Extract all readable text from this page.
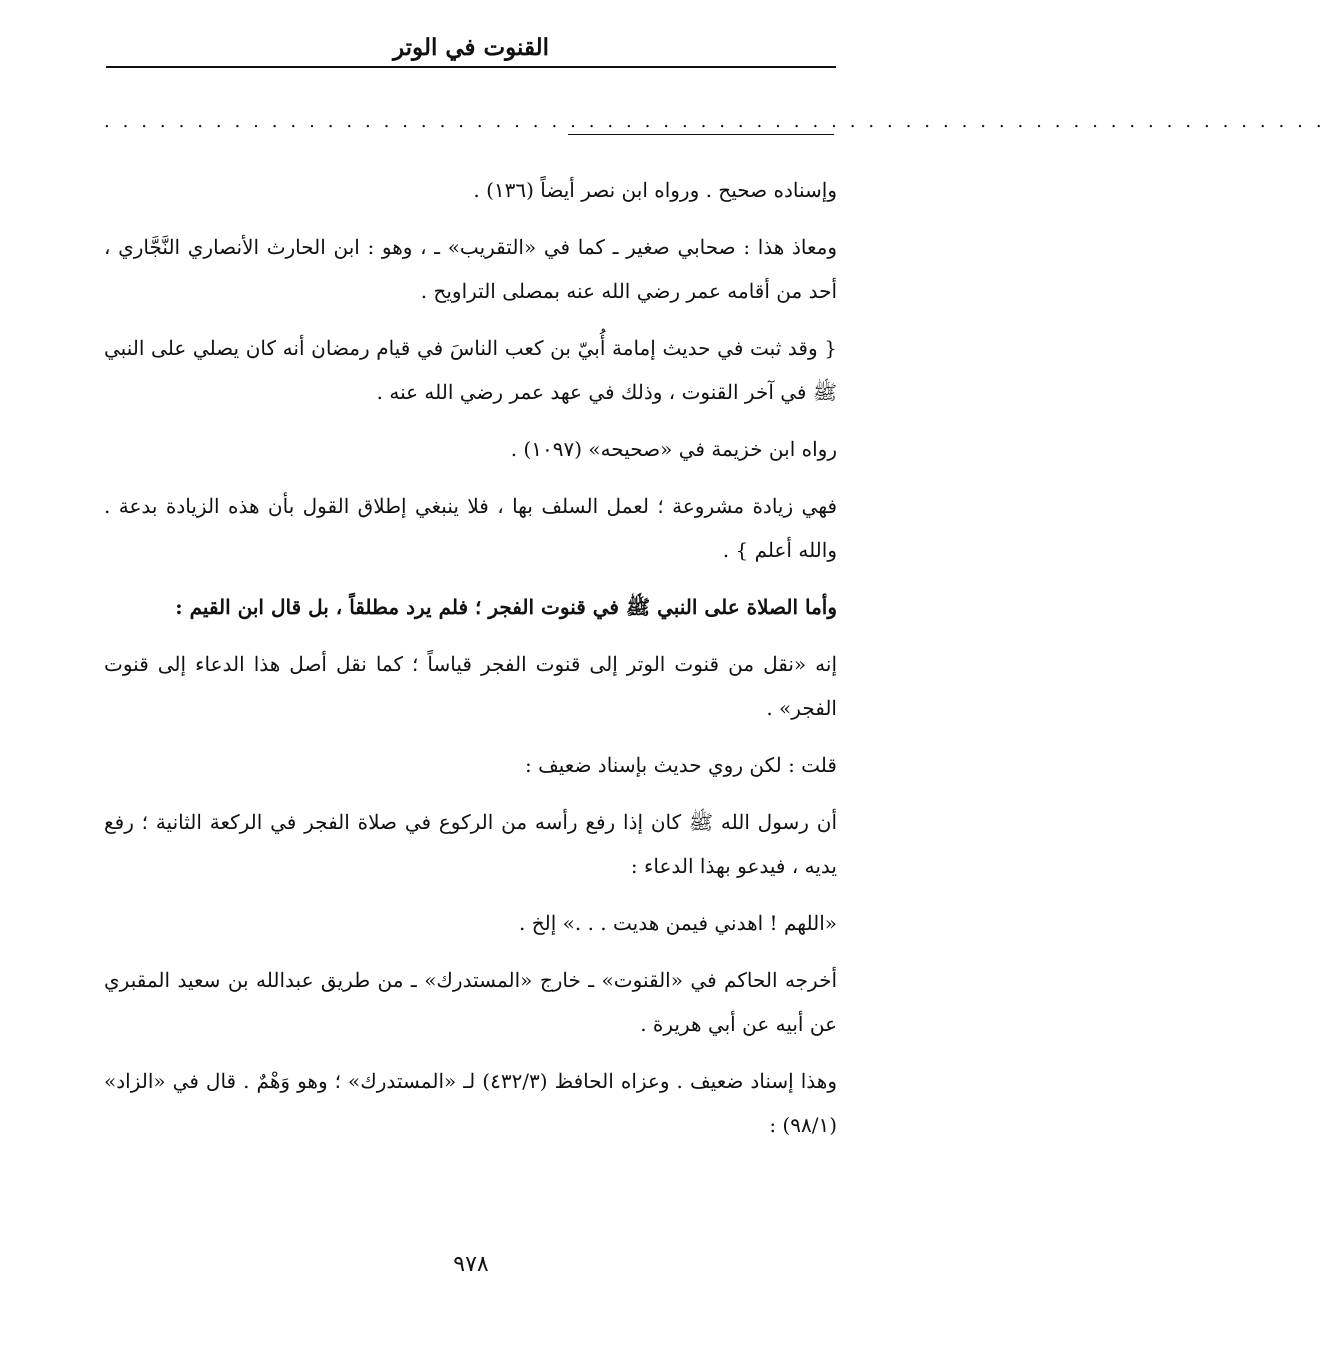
القنوت في الوتر
. . . . . . . . . . . . . . . . . . . . . . . . . . . . . . . . . . . . . . . . . . . . . . . . . . . . . . . . . . . . . . . . . .

وإسناده صحيح . ورواه ابن نصر أيضاً (١٣٦) .

ومعاذ هذا : صحابي صغير ـ كما في «التقريب» ـ ، وهو : ابن الحارث الأنصاري النَّجَّاري ، أحد من أقامه عمر رضي الله عنه بمصلى التراويح .

{ وقد ثبت في حديث إمامة أُبيّ بن كعب الناسَ في قيام رمضان أنه كان يصلي على النبي ﷺ في آخر القنوت ، وذلك في عهد عمر رضي الله عنه .

رواه ابن خزيمة في «صحيحه» (١٠٩٧) .

فهي زيادة مشروعة ؛ لعمل السلف بها ، فلا ينبغي إطلاق القول بأن هذه الزيادة بدعة . والله أعلم } .

وأما الصلاة على النبي ﷺ في قنوت الفجر ؛ فلم يرد مطلقاً ، بل قال ابن القيم :

إنه «نقل من قنوت الوتر إلى قنوت الفجر قياساً ؛ كما نقل أصل هذا الدعاء إلى قنوت الفجر» .

قلت : لكن روي حديث بإسناد ضعيف :

أن رسول الله ﷺ كان إذا رفع رأسه من الركوع في صلاة الفجر في الركعة الثانية ؛ رفع يديه ، فيدعو بهذا الدعاء :

«اللهم ! اهدني فيمن هديت . . .» إلخ .

أخرجه الحاكم في «القنوت» ـ خارج «المستدرك» ـ من طريق عبدالله بن سعيد المقبري عن أبيه عن أبي هريرة .

وهذا إسناد ضعيف . وعزاه الحافظ (٤٣٢/٣) لـ «المستدرك» ؛ وهو وَهْمٌ . قال في «الزاد» (٩٨/١) :

٩٧٨
